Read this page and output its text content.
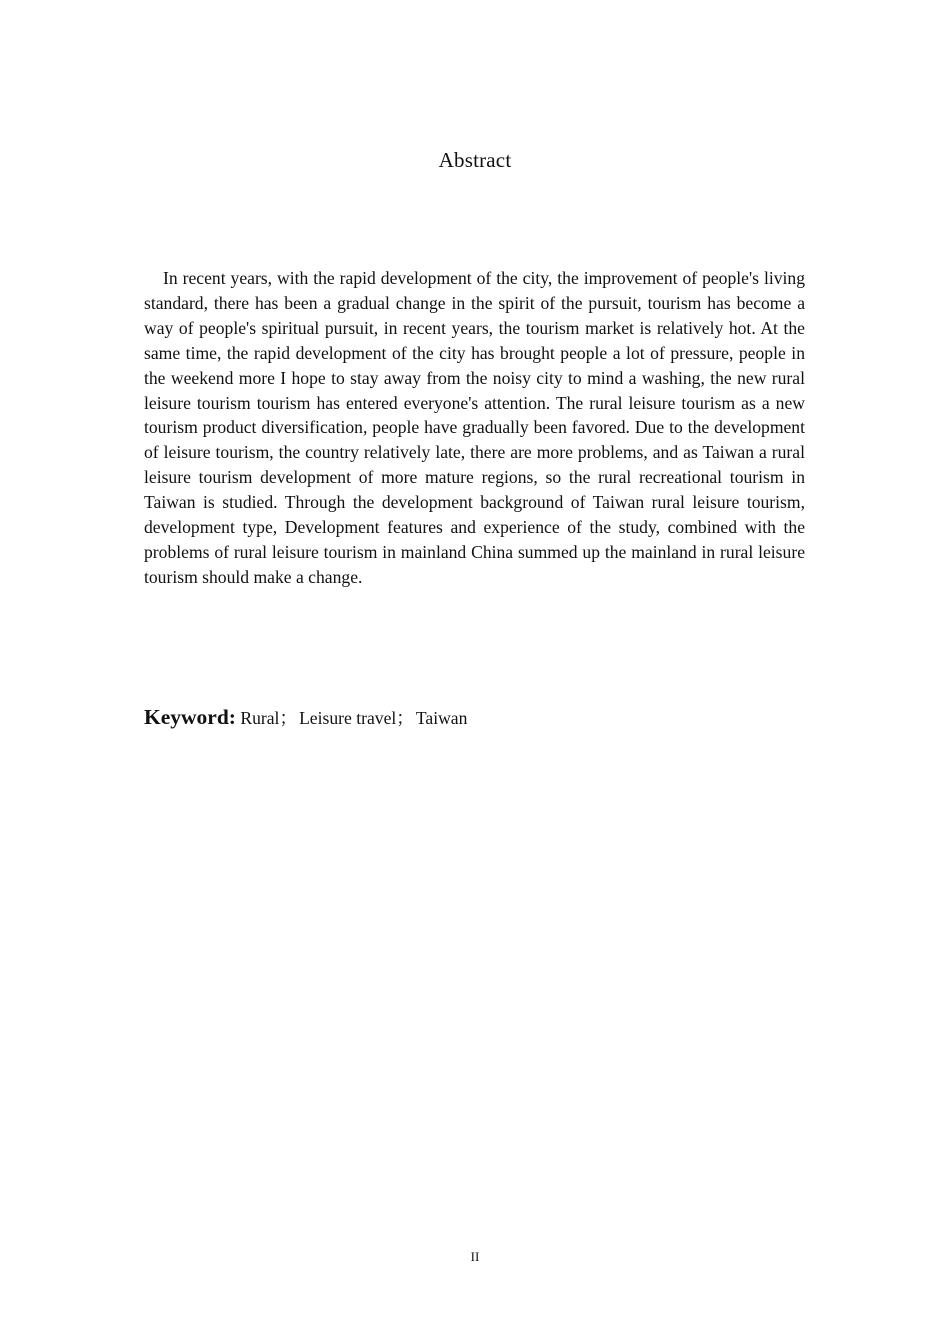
Abstract

In recent years, with the rapid development of the city, the improvement of people's living standard, there has been a gradual change in the spirit of the pursuit, tourism has become a way of people's spiritual pursuit, in recent years, the tourism market is relatively hot. At the same time, the rapid development of the city has brought people a lot of pressure, people in the weekend more I hope to stay away from the noisy city to mind a washing, the new rural leisure tourism tourism has entered everyone's attention. The rural leisure tourism as a new tourism product diversification, people have gradually been favored. Due to the development of leisure tourism, the country relatively late, there are more problems, and as Taiwan a rural leisure tourism development of more mature regions, so the rural recreational tourism in Taiwan is studied. Through the development background of Taiwan rural leisure tourism, development type, Development features and experience of the study, combined with the problems of rural leisure tourism in mainland China summed up the mainland in rural leisure tourism should make a change.

Keyword: Rural； Leisure travel； Taiwan
II
